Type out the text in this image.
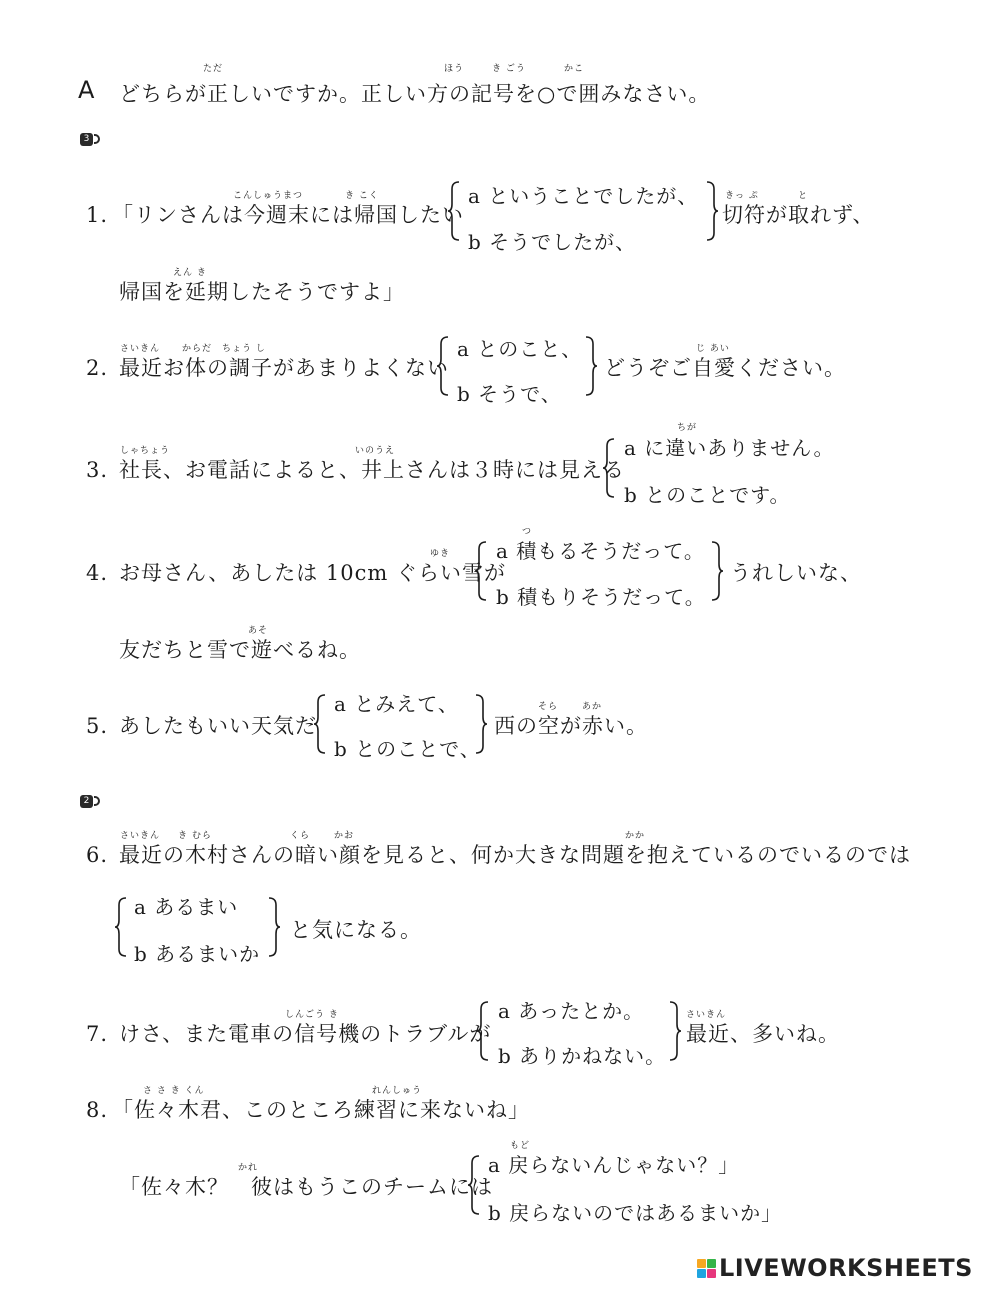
A どちらが正しいですか。正しい方の記号を○で囲みなさい。
ただ	ほう	き ごう	かこ
3
1. 「リンさんは今週末には帰国したい
こんしゅうまつ	き こく	a ということでしたが、
b そうでしたが、
切符が取れず、
きっ ぷ	と
帰国を延期したそうですよ」
えん き
2. 最近お体の調子があまりよくない
さいきん からだ ちょう し	a とのこと、
b そうで、
どうぞご自愛ください。
じ あい
3. 社長、お電話によると、井上さんは３時には見える
しゃちょう	いのうえ	a に違いありません。
b とのことです。
ちが
4. お母さん、あしたは 10cm ぐらい雪が
ゆき a 積もるそうだって。
つ
b 積もりそうだって。
うれしいな、
友だちと雪で遊べるね。
あそ
5. あしたもいい天気だ
a とみえて、
b とのことで、
西の空が赤い。
そら	あか
2
6. 最近の木村さんの暗い顔を見ると、何か大きな問題を抱えているのでいるのでは
さいきん き むら	くら	かお	かか
a あるまい
b あるまいか
と気になる。
7. けさ、また電車の信号機のトラブルが
しんごう き	a あったとか。
b ありかねない。
最近、多いね。
さいきん
8. 「佐々木君、このところ練習に来ないね」
さ さ き くん	れんしゅう
「佐々木？　彼はもうこのチームには
かれ	a 戻らないんじゃない？」
もど
b 戻らないのではあるまいか」
LIVEWORKSHEETS
